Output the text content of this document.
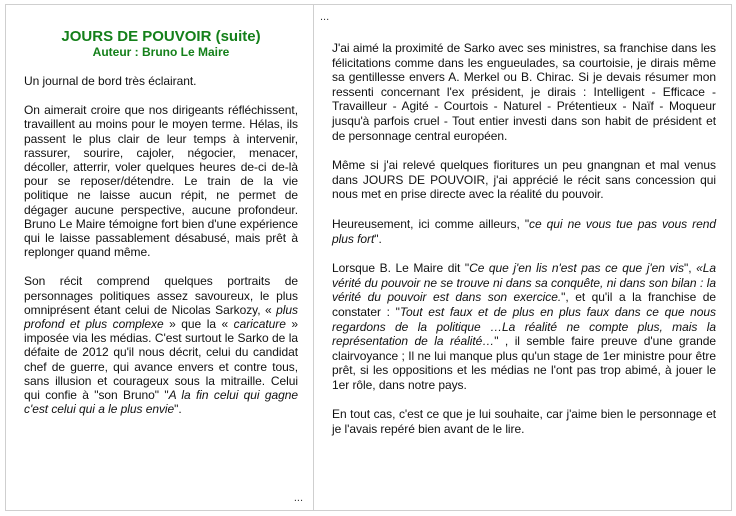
JOURS DE POUVOIR (suite)
Auteur : Bruno Le Maire

Un journal de bord très éclairant.

On aimerait croire que nos dirigeants réfléchissent, travaillent au moins pour le moyen terme. Hélas, ils passent le plus clair de leur temps à intervenir, rassurer, sourire, cajoler, négocier, menacer, décoller, atterrir, voler quelques heures de-ci de-là pour se reposer/détendre. Le train de la vie politique ne laisse aucun répit, ne permet de dégager aucune perspective, aucune profondeur. Bruno Le Maire témoigne fort bien d'une expérience qui le laisse passablement désabusé, mais prêt à replonger quand même.

Son récit comprend quelques portraits de personnages politiques assez savoureux, le plus omniprésent étant celui de Nicolas Sarkozy, « plus profond et plus complexe » que la « caricature » imposée via les médias. C'est surtout le Sarko de la défaite de 2012 qu'il nous décrit, celui du candidat chef de guerre, qui avance envers et contre tous, sans illusion et courageux sous la mitraille. Celui qui confie à "son Bruno" "A la fin celui qui gagne c'est celui qui a le plus envie".

...
...

J'ai aimé la proximité de Sarko avec ses ministres, sa franchise dans les félicitations comme dans les engueulades, sa courtoisie, je dirais même sa gentillesse envers A. Merkel ou B. Chirac. Si je devais résumer mon ressenti concernant l'ex président, je dirais : Intelligent - Efficace - Travailleur - Agité - Courtois - Naturel - Prétentieux - Naïf - Moqueur jusqu'à parfois cruel - Tout entier investi dans son habit de président et de personnage central européen.

Même si j'ai relevé quelques fioritures un peu gnangnan et mal venus dans JOURS DE POUVOIR, j'ai apprécié le récit sans concession qui nous met en prise directe avec la réalité du pouvoir.

Heureusement, ici comme ailleurs, "ce qui ne vous tue pas vous rend plus fort".

Lorsque B. Le Maire dit "Ce que j'en lis n'est pas ce que j'en vis", «La vérité du pouvoir ne se trouve ni dans sa conquête, ni dans son bilan : la vérité du pouvoir est dans son exercice.", et qu'il a la franchise de constater : "Tout est faux et de plus en plus faux dans ce que nous regardons de la politique …La réalité ne compte plus, mais la représentation de la réalité…" , il semble faire preuve d'une grande clairvoyance ; Il ne lui manque plus qu'un stage de 1er ministre pour être prêt, si les oppositions et les médias ne l'ont pas trop abimé, à jouer le 1er rôle, dans notre pays.

En tout cas, c'est ce que je lui souhaite, car j'aime bien le personnage et je l'avais repéré bien avant de le lire.
